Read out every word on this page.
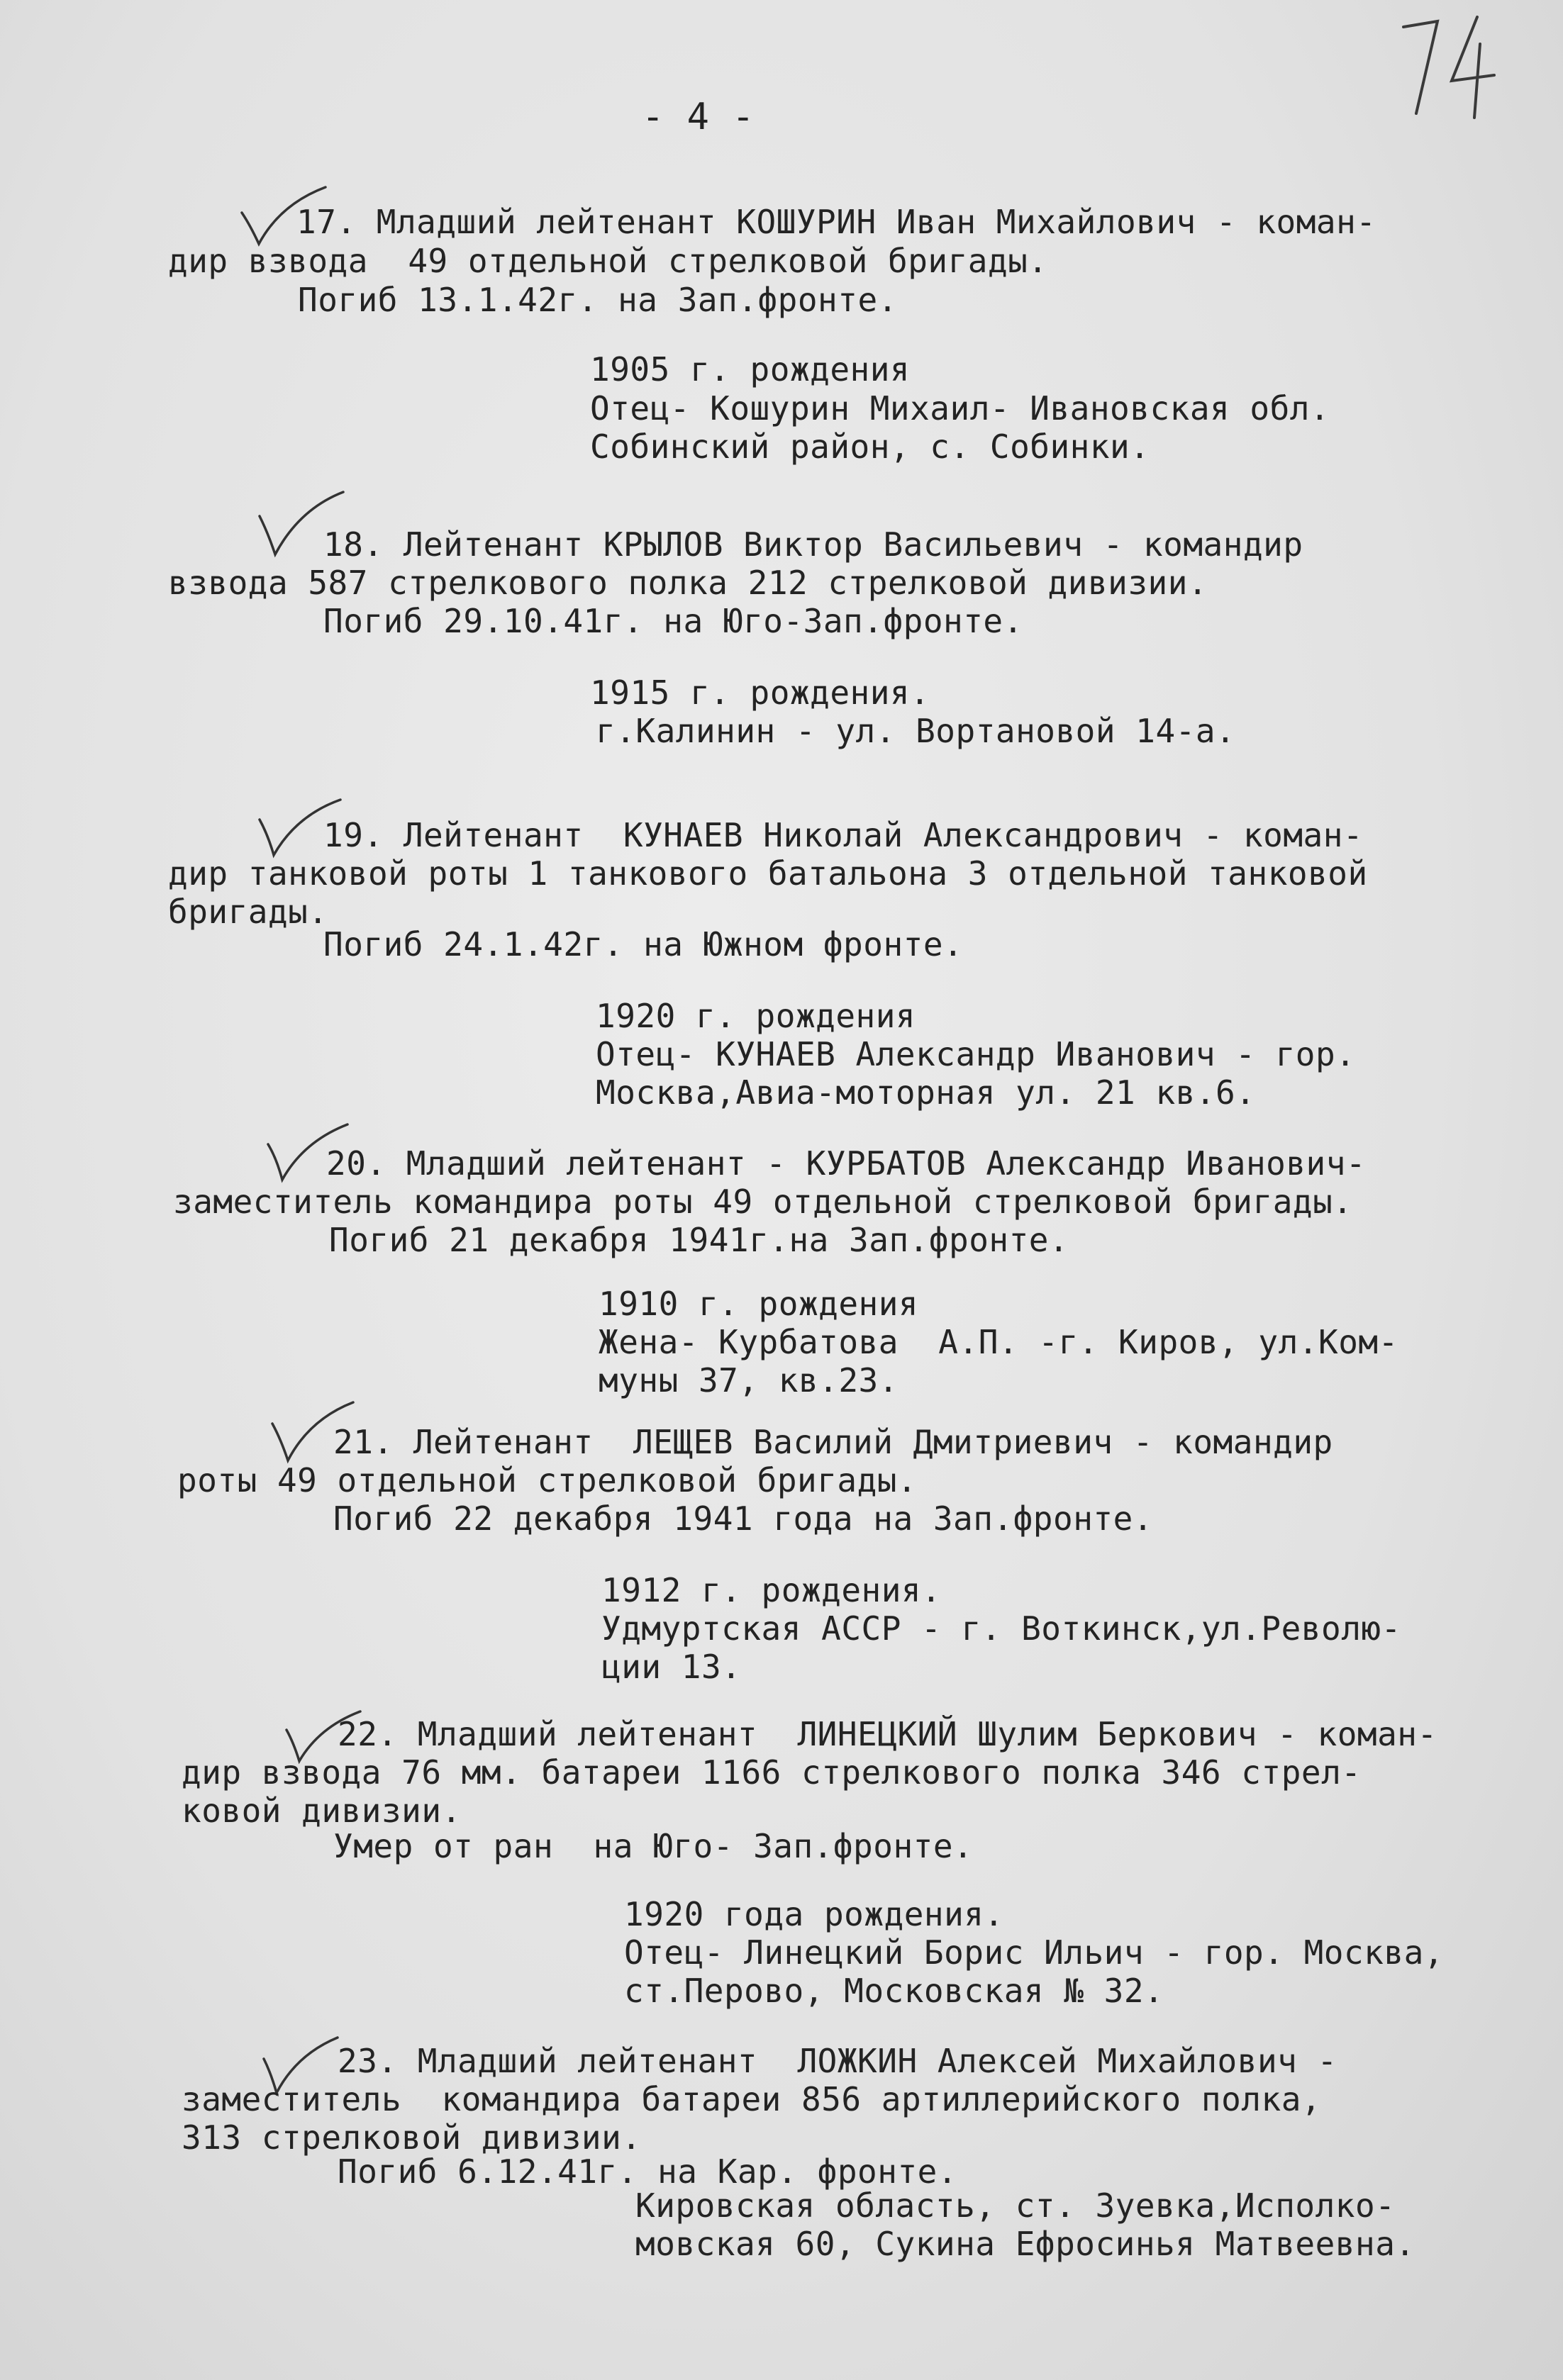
- 4 -
17. Младший лейтенант КОШУРИН Иван Михайлович - коман-
дир взвода  49 отдельной стрелковой бригады.
Погиб 13.1.42г. на Зап.фронте.
1905 г. рождения
Отец- Кошурин Михаил- Ивановская обл.
Собинский район, с. Собинки.
18. Лейтенант КРЫЛОВ Виктор Васильевич - командир
взвода 587 стрелкового полка 212 стрелковой дивизии.
Погиб 29.10.41г. на Юго-Зап.фронте.
1915 г. рождения.
г.Калинин - ул. Вортановой 14-а.
19. Лейтенант  КУНАЕВ Николай Александрович - коман-
дир танковой роты 1 танкового батальона 3 отдельной танковой
бригады.
Погиб 24.1.42г. на Южном фронте.
1920 г. рождения
Отец- КУНАЕВ Александр Иванович - гор.
Москва,Авиа-моторная ул. 21 кв.6.
20. Младший лейтенант - КУРБАТОВ Александр Иванович-
заместитель командира роты 49 отдельной стрелковой бригады.
Погиб 21 декабря 1941г.на Зап.фронте.
1910 г. рождения
Жена- Курбатова  А.П. -г. Киров, ул.Ком-
муны 37, кв.23.
21. Лейтенант  ЛЕЩЕВ Василий Дмитриевич - командир
роты 49 отдельной стрелковой бригады.
Погиб 22 декабря 1941 года на Зап.фронте.
1912 г. рождения.
Удмуртская АССР - г. Воткинск,ул.Револю-
ции 13.
22. Младший лейтенант  ЛИНЕЦКИЙ Шулим Беркович - коман-
дир взвода 76 мм. батареи 1166 стрелкового полка 346 стрел-
ковой дивизии.
Умер от ран  на Юго- Зап.фронте.
1920 года рождения.
Отец- Линецкий Борис Ильич - гор. Москва,
ст.Перово, Московская № 32.
23. Младший лейтенант  ЛОЖКИН Алексей Михайлович -
заместитель  командира батареи 856 артиллерийского полка,
313 стрелковой дивизии.
Погиб 6.12.41г. на Кар. фронте.
Кировская область, ст. Зуевка,Исполко-
мовская 60, Сукина Ефросинья Матвеевна.
